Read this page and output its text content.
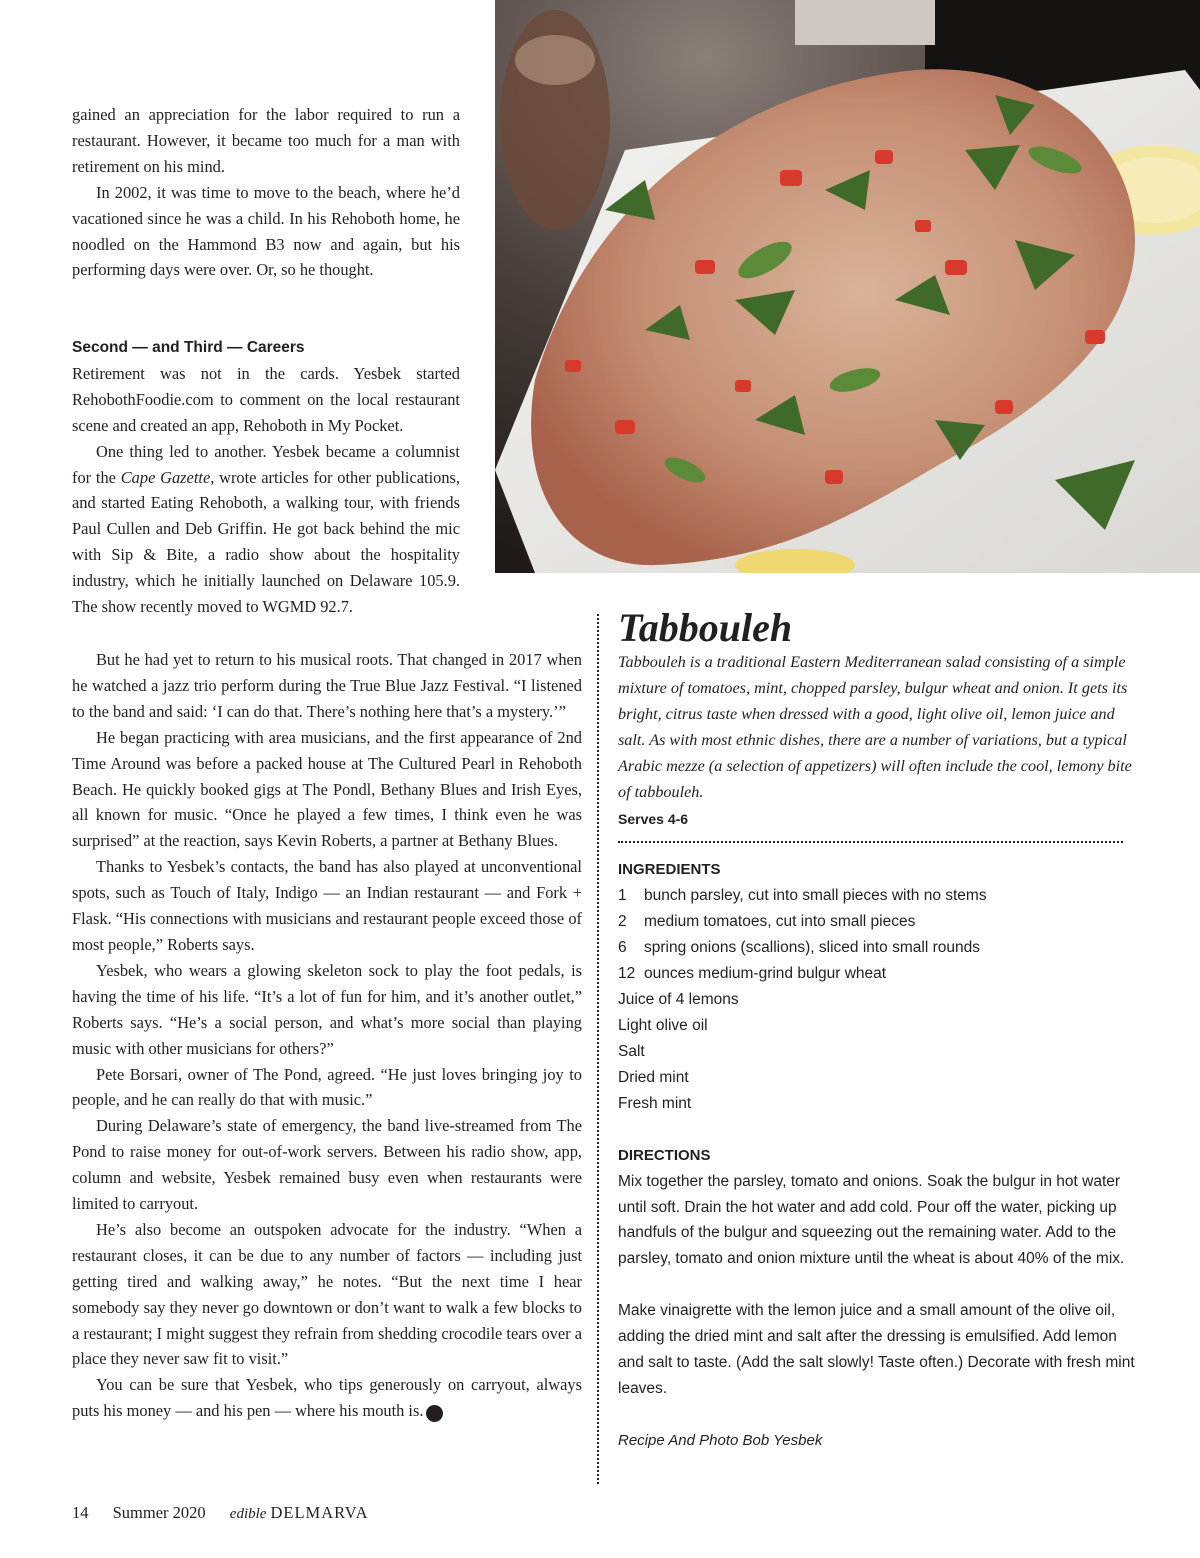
gained an appreciation for the labor required to run a restaurant. However, it became too much for a man with retirement on his mind.

In 2002, it was time to move to the beach, where he’d vacationed since he was a child. In his Rehoboth home, he noodled on the Hammond B3 now and again, but his performing days were over. Or, so he thought.

Second — and Third — Careers

Retirement was not in the cards. Yesbek started RehobothFoodie.com to comment on the local restaurant scene and created an app, Rehoboth in My Pocket.

One thing led to another. Yesbek became a columnist for the Cape Gazette, wrote articles for other publications, and started Eating Rehoboth, a walking tour, with friends Paul Cullen and Deb Griffin. He got back behind the mic with Sip & Bite, a radio show about the hospitality industry, which he initially launched on Delaware 105.9. The show recently moved to WGMD 92.7.

But he had yet to return to his musical roots. That changed in 2017 when he watched a jazz trio perform during the True Blue Jazz Festival. “I listened to the band and said: ‘I can do that. There’s nothing here that’s a mystery.’”

He began practicing with area musicians, and the first appearance of 2nd Time Around was before a packed house at The Cultured Pearl in Rehoboth Beach. He quickly booked gigs at The Pondl, Bethany Blues and Irish Eyes, all known for music. “Once he played a few times, I think even he was surprised” at the reaction, says Kevin Roberts, a partner at Bethany Blues.

Thanks to Yesbek’s contacts, the band has also played at unconventional spots, such as Touch of Italy, Indigo — an Indian restaurant — and Fork + Flask. “His connections with musicians and restaurant people exceed those of most people,” Roberts says.

Yesbek, who wears a glowing skeleton sock to play the foot pedals, is having the time of his life. “It’s a lot of fun for him, and it’s another outlet,” Roberts says. “He’s a social person, and what’s more social than playing music with other musicians for others?”

Pete Borsari, owner of The Pond, agreed. “He just loves bringing joy to people, and he can really do that with music.”

During Delaware’s state of emergency, the band live-streamed from The Pond to raise money for out-of-work servers. Between his radio show, app, column and website, Yesbek remained busy even when restaurants were limited to carryout.

He’s also become an outspoken advocate for the industry. “When a restaurant closes, it can be due to any number of factors — including just getting tired and walking away,” he notes. “But the next time I hear somebody say they never go downtown or don’t want to walk a few blocks to a restaurant; I might suggest they refrain from shedding crocodile tears over a place they never saw fit to visit.”

You can be sure that Yesbek, who tips generously on carryout, always puts his money — and his pen — where his mouth is. e

Tabbouleh

Tabbouleh is a traditional Eastern Mediterranean salad consisting of a simple mixture of tomatoes, mint, chopped parsley, bulgur wheat and onion. It gets its bright, citrus taste when dressed with a good, light olive oil, lemon juice and salt. As with most ethnic dishes, there are a number of variations, but a typical Arabic mezze (a selection of appetizers) will often include the cool, lemony bite of tabbouleh.

Serves 4-6

INGREDIENTS

1 bunch parsley, cut into small pieces with no stems
2 medium tomatoes, cut into small pieces
6 spring onions (scallions), sliced into small rounds
12 ounces medium-grind bulgur wheat
Juice of 4 lemons
Light olive oil
Salt
Dried mint
Fresh mint

DIRECTIONS

Mix together the parsley, tomato and onions. Soak the bulgur in hot water until soft. Drain the hot water and add cold. Pour off the water, picking up handfuls of the bulgur and squeezing out the remaining water. Add to the parsley, tomato and onion mixture until the wheat is about 40% of the mix.

Make vinaigrette with the lemon juice and a small amount of the olive oil, adding the dried mint and salt after the dressing is emulsified. Add lemon and salt to taste. (Add the salt slowly! Taste often.) Decorate with fresh mint leaves.

Recipe And Photo Bob Yesbek

14 Summer 2020 edible DELMARVA
